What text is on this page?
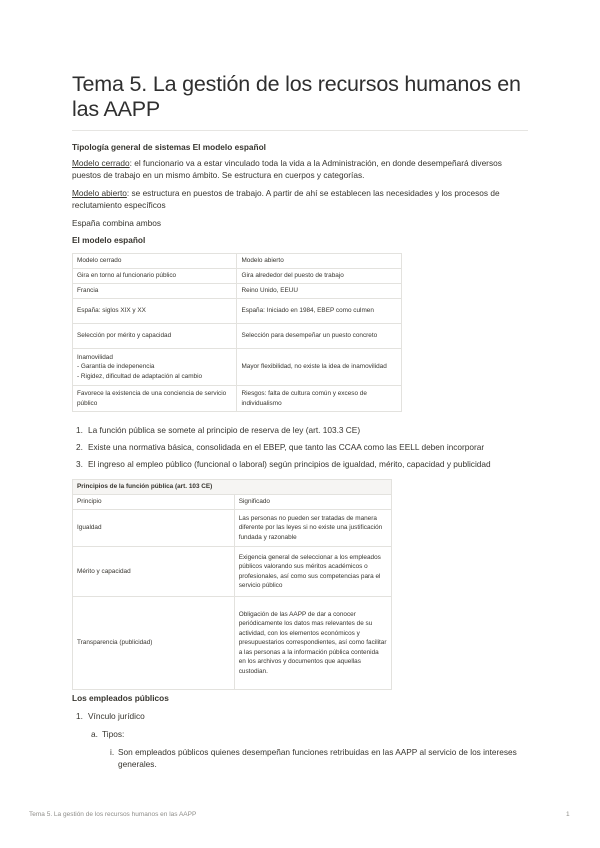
Tema 5. La gestión de los recursos humanos en las AAPP
Tipología general de sistemas El modelo español
Modelo cerrado: el funcionario va a estar vinculado toda la vida a la Administración, en donde desempeñará diversos puestos de trabajo en un mismo ámbito. Se estructura en cuerpos y categorías.
Modelo abierto: se estructura en puestos de trabajo. A partir de ahí se establecen las necesidades y los procesos de reclutamiento específicos
España combina ambos
El modelo español
Modelo cerrado	Modelo abierto
Gira en torno al funcionario público	Gira alrededor del puesto de trabajo
Francia	Reino Unido, EEUU
España: siglos XIX y XX	España: Iniciado en 1984, EBEP como culmen
Selección por mérito y capacidad	Selección para desempeñar un puesto concreto
Inamovilidad
- Garantía de indepenencia
- Rigidez, dificultad de adaptación al cambio	Mayor flexibilidad, no existe la idea de inamovilidad
Favorece la existencia de una conciencia de servicio público	Riesgos: falta de cultura común y exceso de individualismo
1. La función pública se somete al principio de reserva de ley (art. 103.3 CE)
2. Existe una normativa básica, consolidada en el EBEP, que tanto las CCAA como las EELL deben incorporar
3. El ingreso al empleo público (funcional o laboral) según principios de igualdad, mérito, capacidad y publicidad
Principios de la función pública (art. 103 CE)	
Principio	Significado
Igualdad	Las personas no pueden ser tratadas de manera diferente por las leyes si no existe una justificación fundada y razonable
Mérito y capacidad	Exigencia general de seleccionar a los empleados públicos valorando sus méritos académicos o profesionales, así como sus competencias para el servicio público
Transparencia (publicidad)	Obligación de las AAPP de dar a conocer periódicamente los datos mas relevantes de su actividad, con los elementos económicos y presupuestarios correspondientes, así como facilitar a las personas a la información pública contenida en los archivos y documentos que aquellas custodian.
Los empleados públicos
1. Vínculo jurídico
a. Tipos:
i. Son empleados públicos quienes desempeñan funciones retribuidas en las AAPP al servicio de los intereses generales.
Tema 5. La gestión de los recursos humanos en las AAPP	1
